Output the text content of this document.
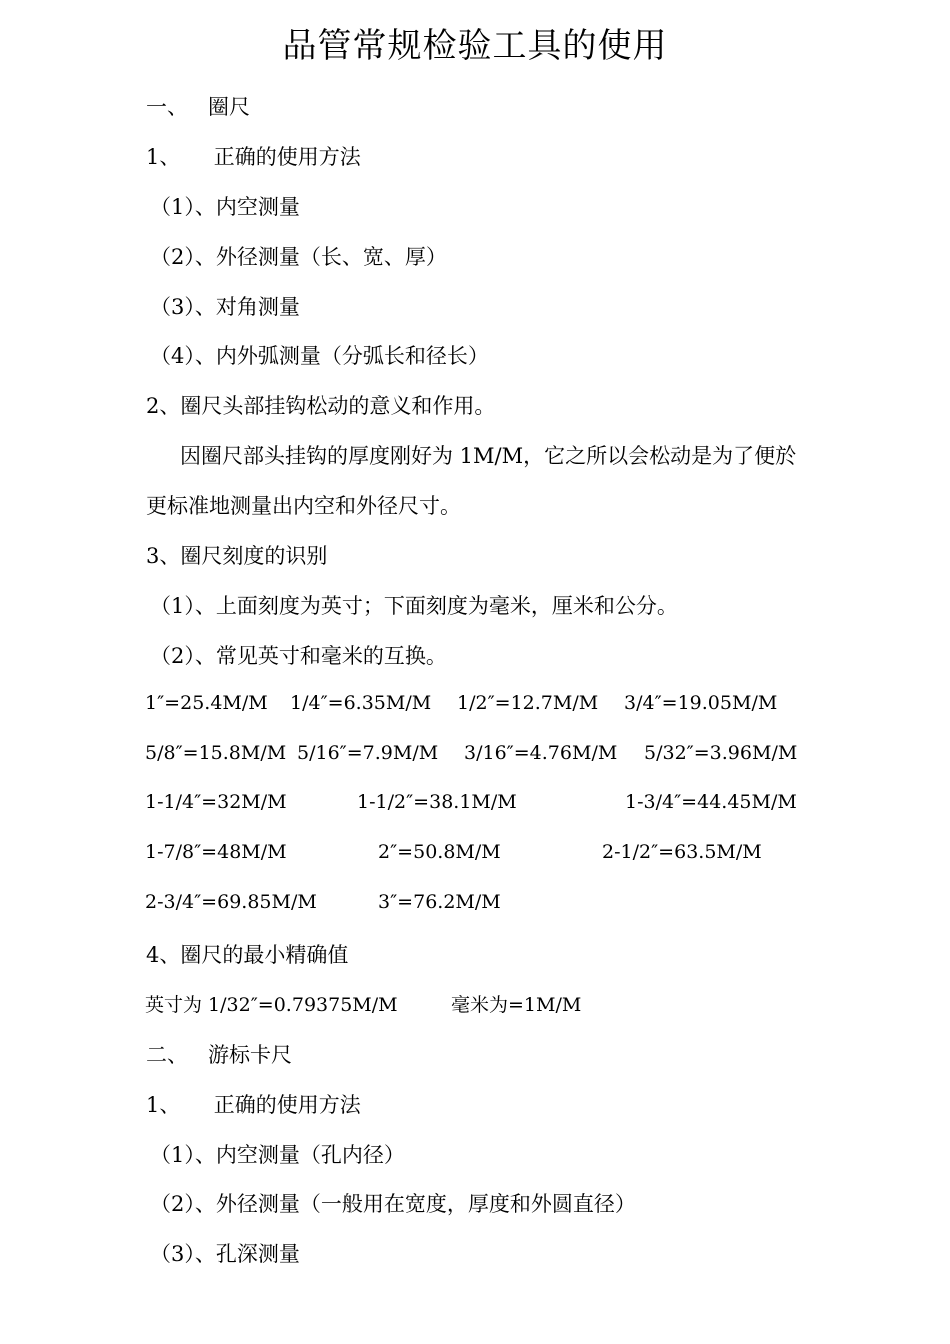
品管常规检验工具的使用
一、   圈尺
1、     正确的使用方法
（1）、内空测量
（2）、外径测量（长、宽、厚）
（3）、对角测量
（4）、内外弧测量（分弧长和径长）
2、圈尺头部挂钩松动的意义和作用。
因圈尺部头挂钩的厚度刚好为 1M/M，它之所以会松动是为了便於
更标准地测量出内空和外径尺寸。
3、圈尺刻度的识别
（1）、上面刻度为英寸；下面刻度为毫米，厘米和公分。
（2）、常见英寸和毫米的互换。
1″=25.4M/M 1/4″=6.35M/M 1/2″=12.7M/M 3/4″=19.05M/M
5/8″=15.8M/M 5/16″=7.9M/M 3/16″=4.76M/M 5/32″=3.96M/M
1-1/4″=32M/M	1-1/2″=38.1M/M	1-3/4″=44.45M/M
1-7/8″=48M/M	2″=50.8M/M	2-1/2″=63.5M/M
2-3/4″=69.85M/M	3″=76.2M/M
4、圈尺的最小精确值
英寸为 1/32″=0.79375M/M	毫米为=1M/M
二、   游标卡尺
1、     正确的使用方法
（1）、内空测量（孔内径）
（2）、外径测量（一般用在宽度，厚度和外圆直径）
（3）、孔深测量
